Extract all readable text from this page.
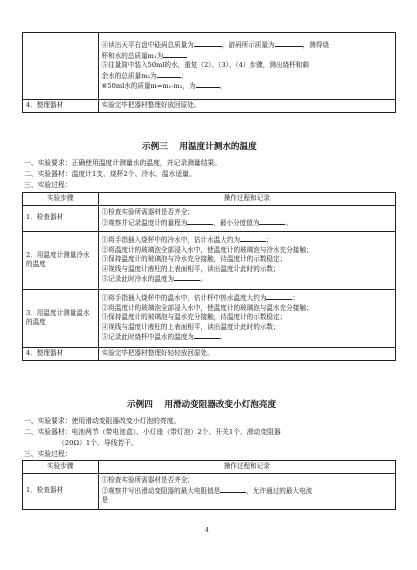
	④读出天平右盘中砝码总质量为 ，游码所示质量为 ，测得烧
杯和水的总质量m₁为
⑤往量筒中装入50ml的水，重复（2）、（3）、（4）步骤，测出烧杯和剩
余水的总质量m₂为 ；
⑥50ml水的质量m=m₁-m₂，为 。

4．整理器材	实验完毕把器材整理好放回原处。
示例三　 用温度计测水的温度
一、实验要求：正确使用温度计测量水的温度，并记录测量结果。
二、实验器材：温度计1支、烧杯2个、冷水、温水适量。
三、实验过程：
实验步骤	操作过程和记录
1．检查器材	①检查实验所需器材是否齐全；
②观察并记录温度计的量程为 ，最小分度值为 。

2．用温度计测量冷水的温度	①将手指插入烧杯中的冷水中，估计水温大约为 ；
②将温度计的玻璃泡全部浸入水中，使温度计的玻璃泡与冷水充分接触；
③保持温度计的玻璃泡与冷水充分接触，待温度计的示数稳定；
④视线与温度计液柱的上表面相平，读出温度计此时的示数；
⑤记录此时冷水的温度为 。

3．用温度计测量温水的温度	①将手指插入烧杯中的温水中，估计杯中热水温度大约为 ；
②将温度计的玻璃泡全部浸入水中，使温度计的玻璃泡与温水充分接触；
③保持温度计的玻璃泡与温水充分接触，待温度计的示数稳定；
④视线与温度计液柱的上表面相平，读出温度计此时的示数；
⑤记录此时烧杯中温水的温度为 。

4．整理器材	实验完毕把器材整理好轻轻放回原处。
示例四　 用滑动变阻器改变小灯泡亮度
一、实验要求：使用滑动变阻器改变小灯泡的亮度。
二、实验器材：电池两节（带电池盒）、小灯座（带灯泡）2个、开关1个、滑动变阻器
（20Ω）1个、导线若干。
三、实验过程：
实验步骤	操作过程和记录
1．检查器材	①检查实验所需器材是否齐全；
②观察并写出滑动变阻器的最大电阻值是 ，允许通过的最大电流
是
4
